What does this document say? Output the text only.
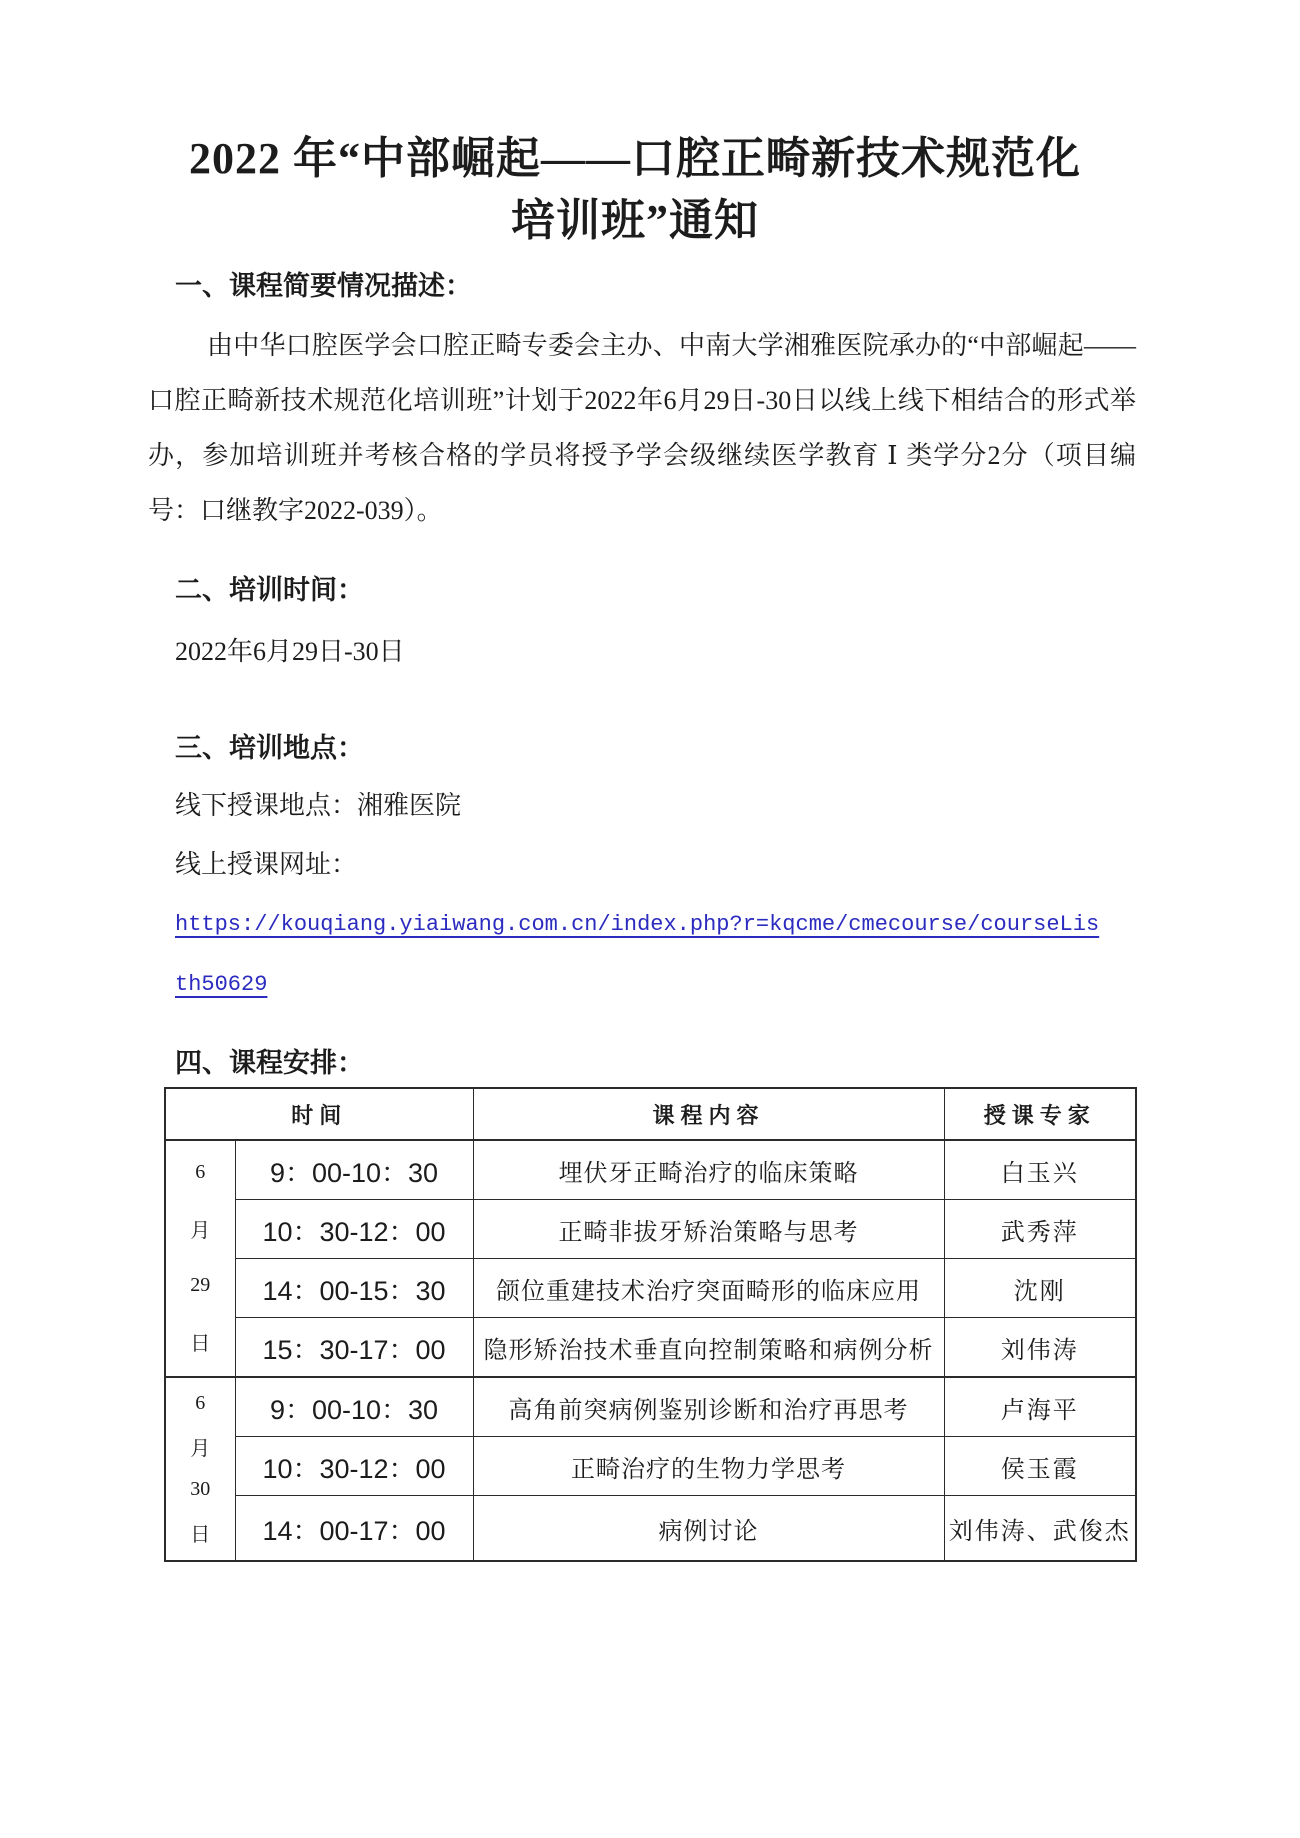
2022 年“中部崛起——口腔正畸新技术规范化
培训班”通知
一、课程简要情况描述：
由中华口腔医学会口腔正畸专委会主办、中南大学湘雅医院承办的“中部崛起——口腔正畸新技术规范化培训班”计划于2022年6月29日-30日以线上线下相结合的形式举办，参加培训班并考核合格的学员将授予学会级继续医学教育 Ⅰ 类学分2分（项目编号：口继教字2022-039）。
二、培训时间：
2022年6月29日-30日
三、培训地点：
线下授课地点：湘雅医院
线上授课网址：
https://kouqiang.yiaiwang.com.cn/index.php?r=kqcme/cmecourse/courseListh50629
四、课程安排：
时间		课程内容	授课专家

6
月
29
日	9：00-10：30	埋伏牙正畸治疗的临床策略	白玉兴
	10：30-12：00	正畸非拔牙矫治策略与思考	武秀萍
	14：00-15：30	颌位重建技术治疗突面畸形的临床应用	沈刚
	15：30-17：00	隐形矫治技术垂直向控制策略和病例分析	刘伟涛

6
月
30
日	9：00-10：30	高角前突病例鉴别诊断和治疗再思考	卢海平
	10：30-12：00	正畸治疗的生物力学思考	侯玉霞
	14：00-17：00	病例讨论	刘伟涛、武俊杰
